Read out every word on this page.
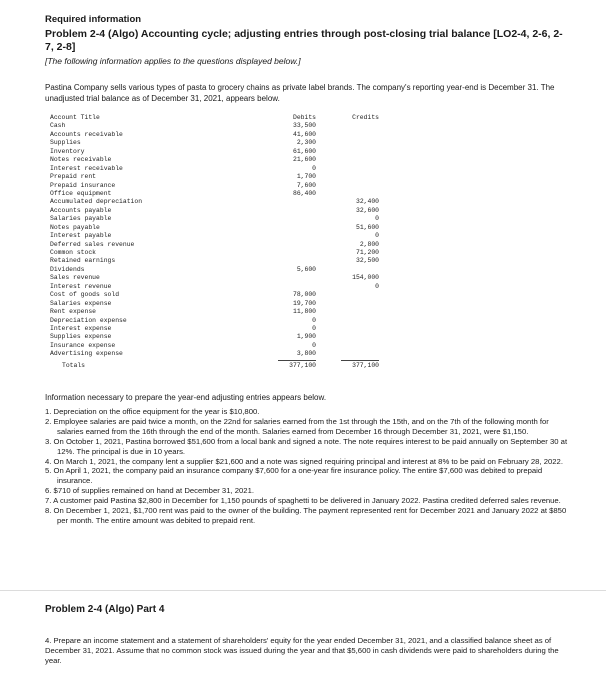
Required information
Problem 2-4 (Algo) Accounting cycle; adjusting entries through post-closing trial balance [LO2-4, 2-6, 2-7, 2-8]
[The following information applies to the questions displayed below.]
Pastina Company sells various types of pasta to grocery chains as private label brands. The company's reporting year-end is December 31. The unadjusted trial balance as of December 31, 2021, appears below.
Account Title
Cash
Accounts receivable
Supplies
Inventory
Notes receivable
Interest receivable
Prepaid rent
Prepaid insurance
Office equipment
Accumulated depreciation
Accounts payable
Salaries payable
Notes payable
Interest payable
Deferred sales revenue
Common stock
Retained earnings
Dividends
Sales revenue
Interest revenue
Cost of goods sold
Salaries expense
Rent expense
Depreciation expense
Interest expense
Supplies expense
Insurance expense
Advertising expense
Totals
Debits
33,500
41,600
2,300
61,600
21,600
0
1,700
7,600
86,400
5,600
78,000
19,700
11,800
0
0
1,900
0
3,800
377,100
Credits
32,400
32,600
0
51,600
0
2,800
71,200
32,500
154,000
0
377,100
Information necessary to prepare the year-end adjusting entries appears below.
1. Depreciation on the office equipment for the year is $10,800.
2. Employee salaries are paid twice a month, on the 22nd for salaries earned from the 1st through the 15th, and on the 7th of the following month for salaries earned from the 16th through the end of the month. Salaries earned from December 16 through December 31, 2021, were $1,150.
3. On October 1, 2021, Pastina borrowed $51,600 from a local bank and signed a note. The note requires interest to be paid annually on September 30 at 12%. The principal is due in 10 years.
4. On March 1, 2021, the company lent a supplier $21,600 and a note was signed requiring principal and interest at 8% to be paid on February 28, 2022.
5. On April 1, 2021, the company paid an insurance company $7,600 for a one-year fire insurance policy. The entire $7,600 was debited to prepaid insurance.
6. $710 of supplies remained on hand at December 31, 2021.
7. A customer paid Pastina $2,800 in December for 1,150 pounds of spaghetti to be delivered in January 2022. Pastina credited deferred sales revenue.
8. On December 1, 2021, $1,700 rent was paid to the owner of the building. The payment represented rent for December 2021 and January 2022 at $850 per month. The entire amount was debited to prepaid rent.
Problem 2-4 (Algo) Part 4
4. Prepare an income statement and a statement of shareholders' equity for the year ended December 31, 2021, and a classified balance sheet as of December 31, 2021. Assume that no common stock was issued during the year and that $5,600 in cash dividends were paid to shareholders during the year.
